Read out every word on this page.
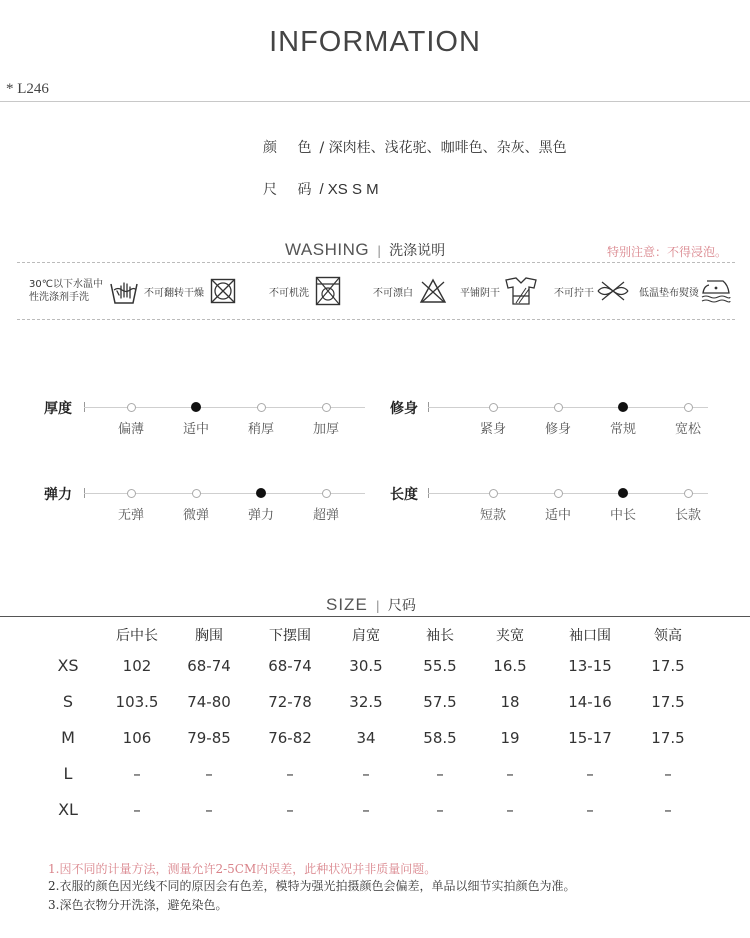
INFORMATION
* L246
颜 色/ 深肉桂、浅花驼、咖啡色、杂灰、黑色
尺 码/ XS S M
WASHING | 洗涤说明	特别注意：不得浸泡。
30℃以下水温中
性洗涤剂手洗	不可翻转干燥	不可机洗	不可漂白	平铺阴干	不可拧干	低温垫布熨烫
厚度
偏薄	适中	稍厚	加厚
修身
紧身	修身	常规	宽松
弹力
无弹	微弹	弹力	超弹
长度
短款	适中	中长	长款
SIZE | 尺码
后中长	胸围	下摆围	肩宽	袖长	夹宽	袖口围	领高
XS	102 68-74 68-74	30.5	55.5 16.5	13-15	17.5
S	103.5 74-80 72-78	32.5	57.5	18	14-16	17.5
M	106 79-85 76-82	34	58.5	19	15-17	17.5
L	–	–	–	–	–	–	–	–
XL	–	–	–	–	–	–	–	–
1.因不同的计量方法，测量允许2-5CM内误差，此种状况并非质量问题。
2.衣服的颜色因光线不同的原因会有色差，模特为强光拍摄颜色会偏差，单品以细节实拍颜色为准。
3.深色衣物分开洗涤，避免染色。
